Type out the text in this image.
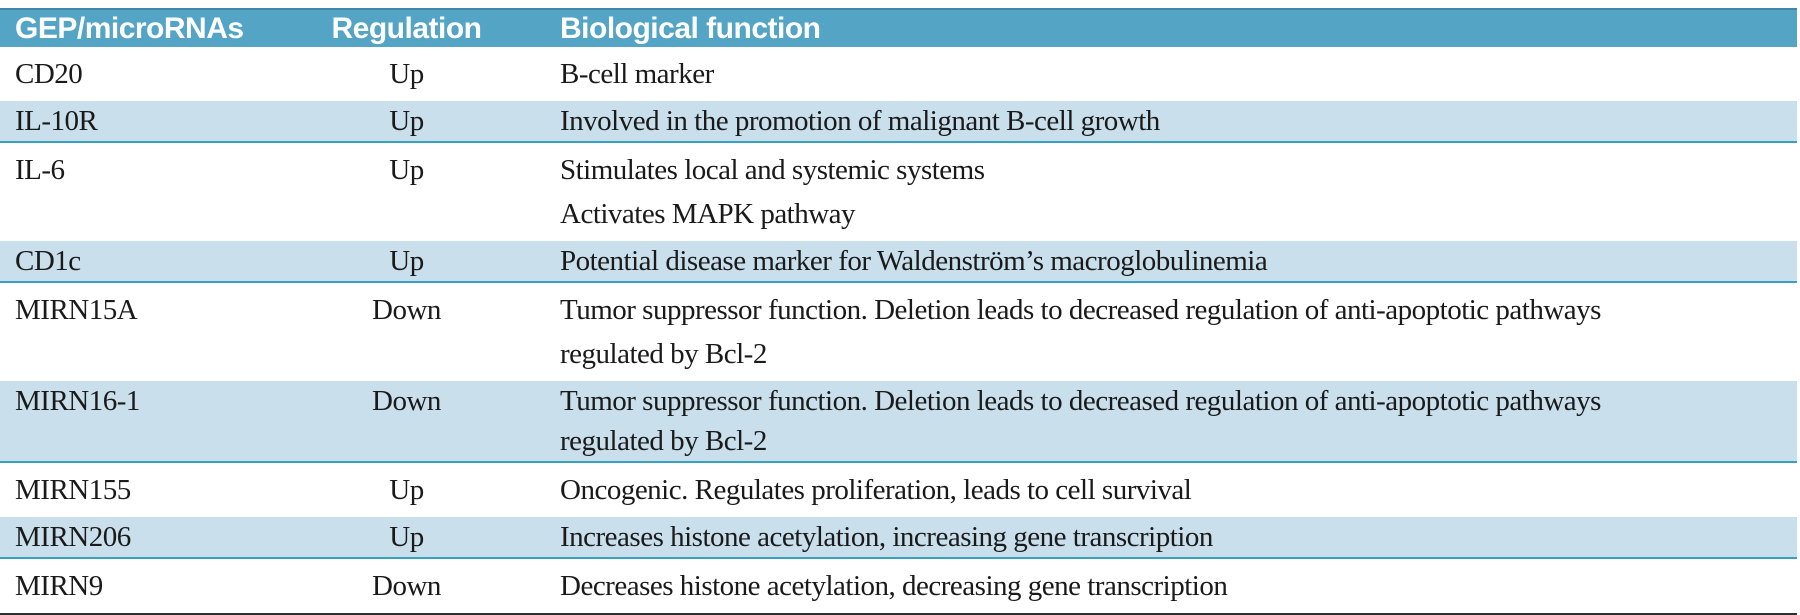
GEP/microRNAs	Regulation	Biological function
CD20	Up	B-cell marker

IL-10R	Up	Involved in the promotion of malignant B-cell growth

IL-6	Up	Stimulates local and systemic systems
Activates MAPK pathway

CD1c	Up	Potential disease marker for Waldenström’s macroglobulinemia

MIRN15A	Down	Tumor suppressor function. Deletion leads to decreased regulation of anti-apoptotic pathways
regulated by Bcl-2

MIRN16-1	Down	Tumor suppressor function. Deletion leads to decreased regulation of anti-apoptotic pathways
regulated by Bcl-2

MIRN155	Up	Oncogenic. Regulates proliferation, leads to cell survival

MIRN206	Up	Increases histone acetylation, increasing gene transcription

MIRN9	Down	Decreases histone acetylation, decreasing gene transcription
